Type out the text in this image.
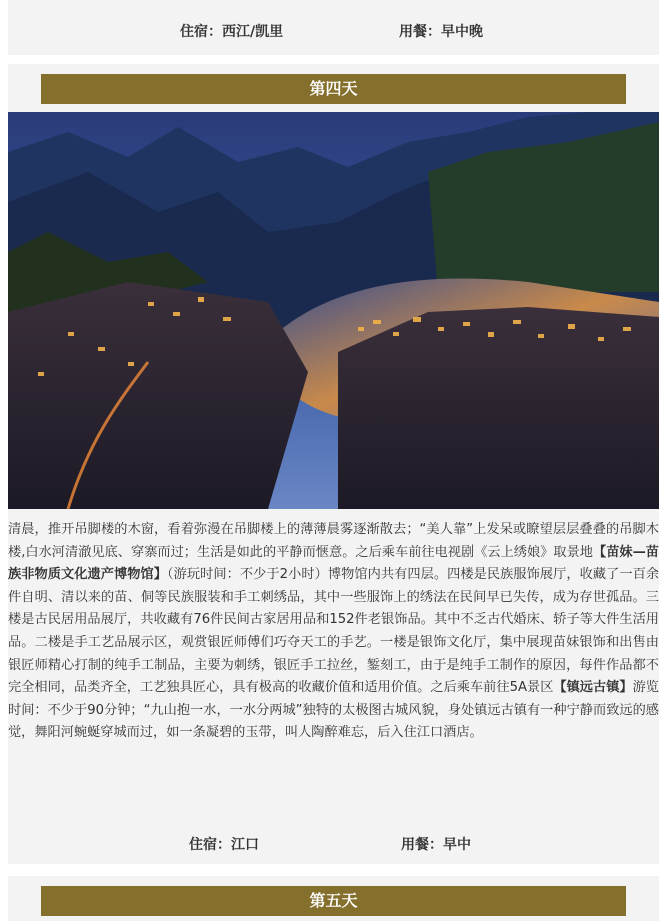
住宿：西江/凯里	用餐：早中晚
第四天

清晨，推开吊脚楼的木窗，看着弥漫在吊脚楼上的薄薄晨雾逐渐散去；“美人靠”上发呆或瞭望层层叠叠的吊脚木楼,白水河清澈见底、穿寨而过；生活是如此的平静而惬意。之后乘车前往电视剧《云上绣娘》取景地【苗妹—苗族非物质文化遗产博物馆】（游玩时间：不少于2小时）博物馆内共有四层。四楼是民族服饰展厅，收藏了一百余件自明、清以来的苗、侗等民族服装和手工刺绣品，其中一些服饰上的绣法在民间早已失传，成为存世孤品。三楼是古民居用品展厅，共收藏有76件民间古家居用品和152件老银饰品。其中不乏古代婚床、轿子等大件生活用品。二楼是手工艺品展示区，观赏银匠师傅们巧夺天工的手艺。一楼是银饰文化厅，集中展现苗妹银饰和出售由银匠师精心打制的纯手工制品，主要为刺绣，银匠手工拉丝，錾刻工，由于是纯手工制作的原因，每件作品都不完全相同，品类齐全，工艺独具匠心，具有极高的收藏价值和适用价值。之后乘车前往5A景区【镇远古镇】游览时间：不少于90分钟；“九山抱一水，一水分两城”独特的太极图古城风貌，身处镇远古镇有一种宁静而致远的感觉，舞阳河蜿蜒穿城而过，如一条凝碧的玉带，叫人陶醉难忘，后入住江口酒店。

住宿：江口	用餐：早中
第五天
